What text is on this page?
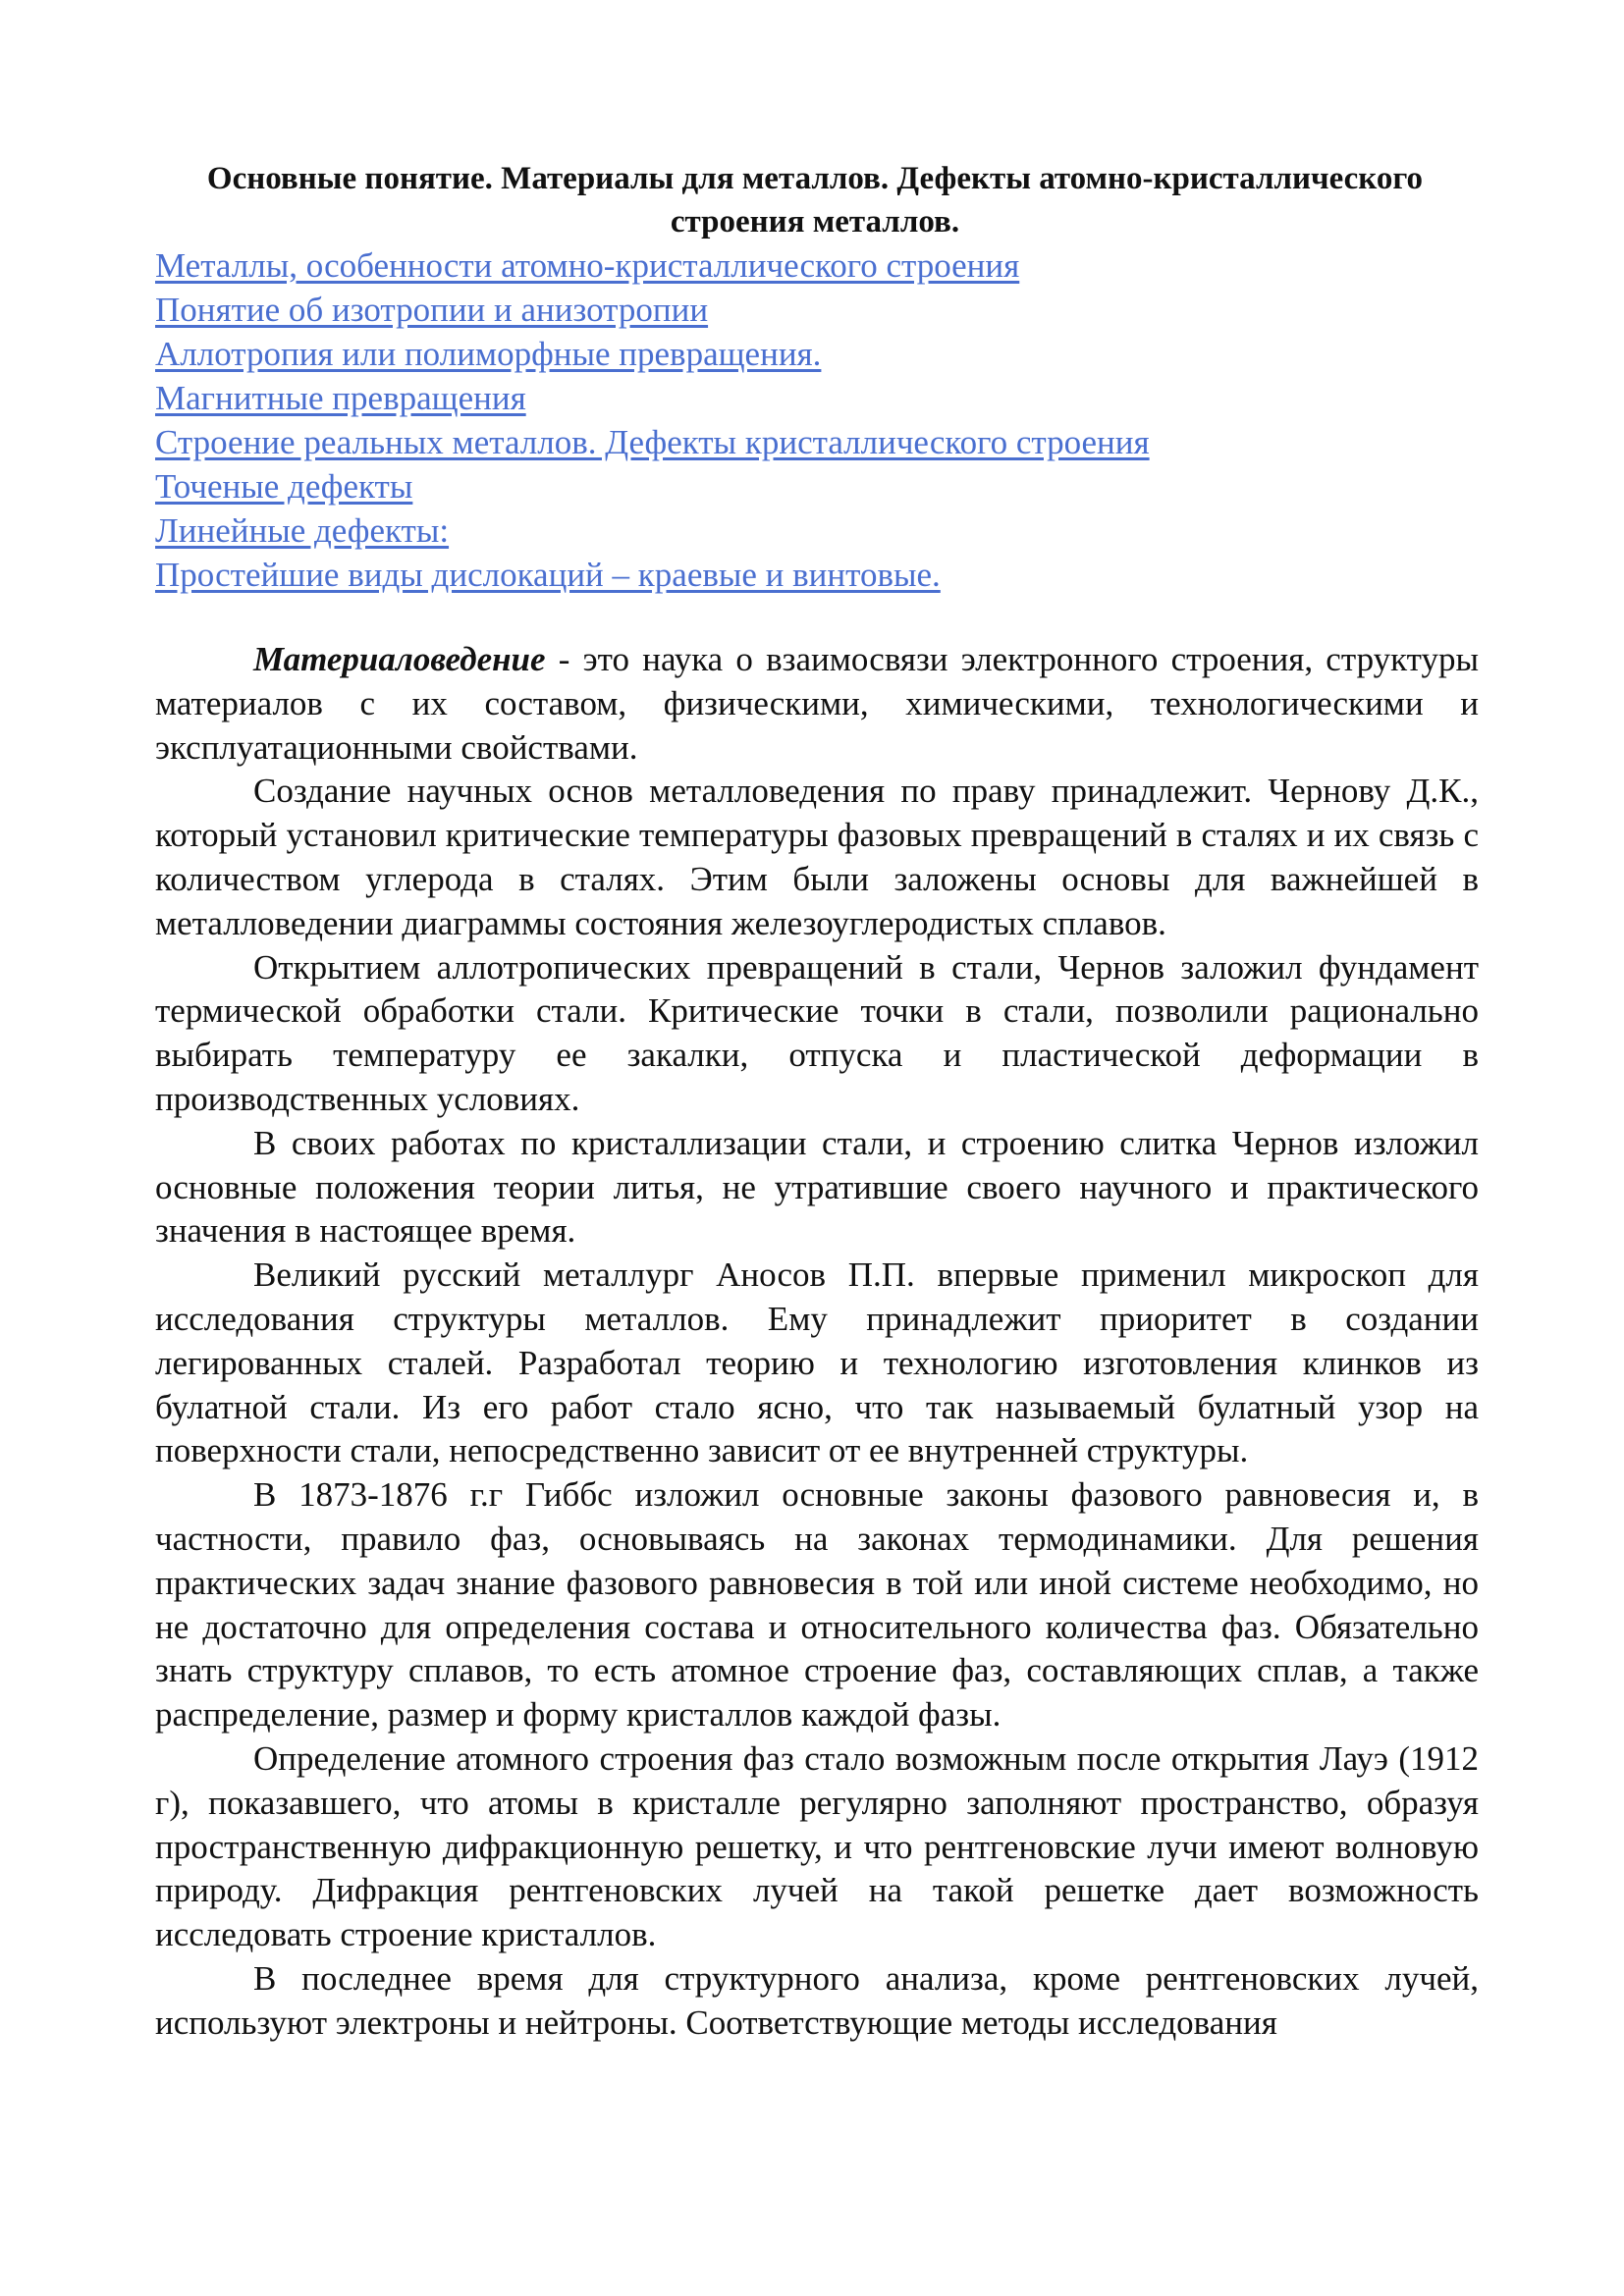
Основные понятие. Материалы для металлов. Дефекты атомно-кристаллического строения металлов.
Металлы, особенности атомно-кристаллического строения
Понятие об изотропии и анизотропии
Аллотропия или полиморфные превращения.
Магнитные превращения
Строение реальных металлов. Дефекты кристаллического строения
Точеные дефекты
Линейные дефекты:
Простейшие виды дислокаций – краевые и винтовые.

Материаловедение - это наука о взаимосвязи электронного строения, структуры материалов с их составом, физическими, химическими, технологическими и эксплуатационными свойствами.

Создание научных основ металловедения по праву принадлежит. Чернову Д.К., который установил критические температуры фазовых превращений в сталях и их связь с количеством углерода в сталях. Этим были заложены основы для важнейшей в металловедении диаграммы состояния железоуглеродистых сплавов.

Открытием аллотропических превращений в стали, Чернов заложил фундамент термической обработки стали. Критические точки в стали, позволили рационально выбирать температуру ее закалки, отпуска и пластической деформации в производственных условиях.

В своих работах по кристаллизации стали, и строению слитка Чернов изложил основные положения теории литья, не утратившие своего научного и практического значения в настоящее время.

Великий русский металлург Аносов П.П. впервые применил микроскоп для исследования структуры металлов. Ему принадлежит приоритет в создании легированных сталей. Разработал теорию и технологию изготовления клинков из булатной стали. Из его работ стало ясно, что так называемый булатный узор на поверхности стали, непосредственно зависит от ее внутренней структуры.

В 1873-1876 г.г Гиббс изложил основные законы фазового равновесия и, в частности, правило фаз, основываясь на законах термодинамики. Для решения практических задач знание фазового равновесия в той или иной системе необходимо, но не достаточно для определения состава и относительного количества фаз. Обязательно знать структуру сплавов, то есть атомное строение фаз, составляющих сплав, а также распределение, размер и форму кристаллов каждой фазы.

Определение атомного строения фаз стало возможным после открытия Лауэ (1912 г), показавшего, что атомы в кристалле регулярно заполняют пространство, образуя пространственную дифракционную решетку, и что рентгеновские лучи имеют волновую природу. Дифракция рентгеновских лучей на такой решетке дает возможность исследовать строение кристаллов.

В последнее время для структурного анализа, кроме рентгеновских лучей, используют электроны и нейтроны. Соответствующие методы исследования
